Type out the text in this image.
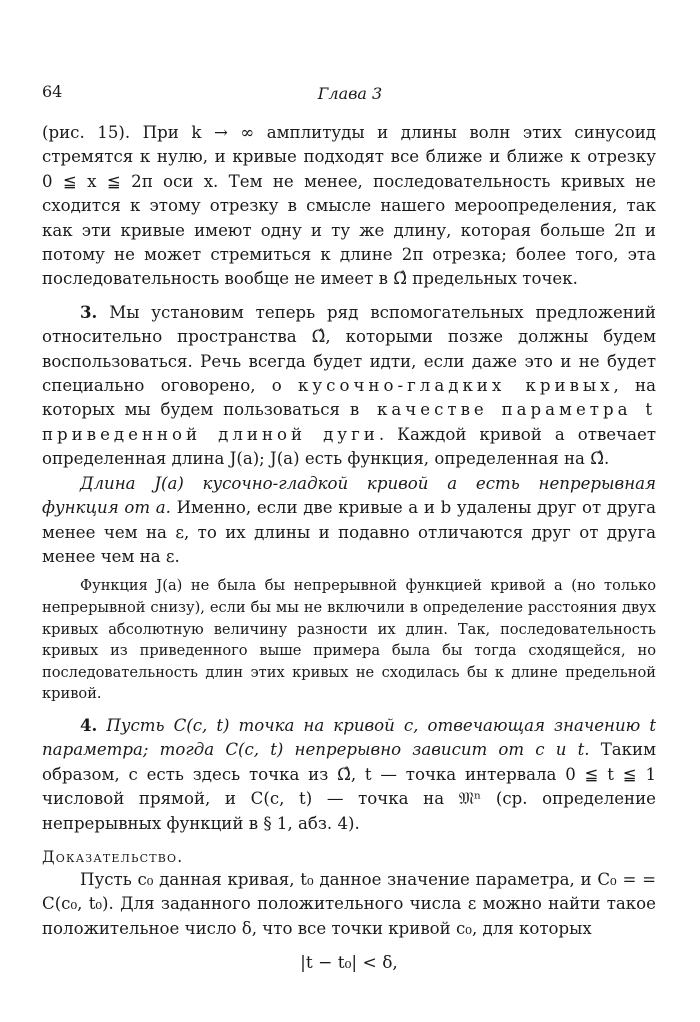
64	Глава 3

(рис. 15). При k → ∞ амплитуды и длины волн этих синусоид стремятся к нулю, и кривые подходят все ближе и ближе к отрезку 0 ≦ x ≦ 2π оси x. Тем не менее, последовательность кривых не сходится к этому отрезку в смысле нашего мероопределения, так как эти кривые имеют одну и ту же длину, которая больше 2π и потому не может стремиться к длине 2π отрезка; более того, эта последовательность вообще не имеет в Ω̂ предельных точек.

3. Мы установим теперь ряд вспомогательных предложений относительно пространства Ω̂, которыми позже должны будем воспользоваться. Речь всегда будет идти, если даже это и не будет специально оговорено, о кусочно-гладких кривых, на которых мы будем пользоваться в качестве параметра t приведенной длиной дуги. Каждой кривой a отвечает определенная длина J(a); J(a) есть функция, определенная на Ω̂.

Длина J(a) кусочно-гладкой кривой a есть непрерывная функция от a. Именно, если две кривые a и b удалены друг от друга менее чем на ε, то их длины и подавно отличаются друг от друга менее чем на ε.

Функция J(a) не была бы непрерывной функцией кривой a (но только непрерывной снизу), если бы мы не включили в определение расстояния двух кривых абсолютную величину разности их длин. Так, последовательность кривых из приведенного выше примера была бы тогда сходящейся, но последовательность длин этих кривых не сходилась бы к длине предельной кривой.

4. Пусть C(c, t) точка на кривой c, отвечающая значению t параметра; тогда C(c, t) непрерывно зависит от c и t. Таким образом, c есть здесь точка из Ω̂, t — точка интервала 0 ≦ t ≦ 1 числовой прямой, и C(c, t) — точка на 𝔐ⁿ (ср. определение непрерывных функций в § 1, абз. 4).

Доказательство.

Пусть c₀ данная кривая, t₀ данное значение параметра, и C₀ = = C(c₀, t₀). Для заданного положительного числа ε можно найти такое положительное число δ, что все точки кривой c₀, для которых

|t − t₀| < δ,
